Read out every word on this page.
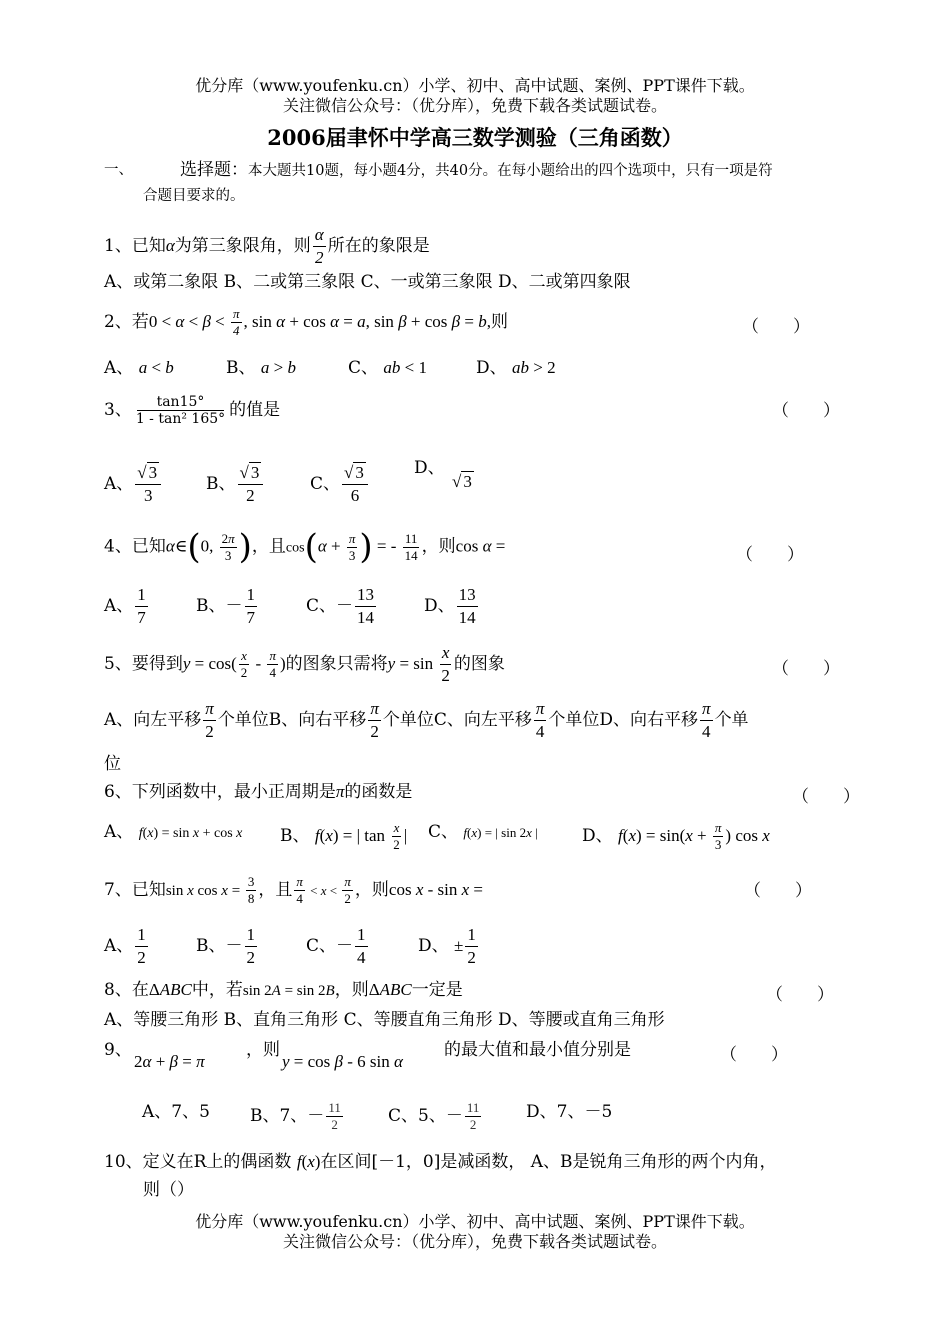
优分库（www.youfenku.cn）小学、初中、高中试题、案例、PPT课件下载。
关注微信公众号：（优分库），免费下载各类试题试卷。
2006届聿怀中学高三数学测验（三角函数）
一、	选择题：本大题共10题，每小题4分，共40分。在每小题给出的四个选项中，只有一项是符
合题目要求的。
1、已知α为第三象限角，则 $\frac{\alpha}{2}$ 所在的象限是
A、或第二象限 B、二或第三象限 C、一或第三象限 D、二或第四象限
2、若$0 < \alpha < \beta < \frac{\pi}{4}$ , sin α + cos α = a, sin β + cos β = b,则	（　　）
A、 a < b	B、 a > b	C、 ab < 1	D、 ab > 2
3、 $\frac{\tan 15^\circ}{\text{1 - tan² 165°}}$ 的值是	（　　）
A、 $\frac{√ 3}{3}$	B、 $\frac{√ 3}{2}$	C、 $\frac{√ 3}{6}$	D、
√ 3
4、已知α∈(0, $\frac{2\pi}{3}$ )，且$\cos(\alpha + \frac{\pi}{3}$ ) = - $\frac{11}{14}$ ，则cos α =	（　　）
A、 $\frac{1}{7}$	B、－ $\frac{1}{7}$	C、－ $\frac{13}{14}$	D、 $\frac{13}{14}$
5、要得到$y = \cos( \frac{x}{2} - \frac{\pi}{4}$ )的图象只需将$y = \sin \frac{x}{2}$ 的图象	（　　）
A、向左平移 $\frac{\pi}{2}$ 个单位B、向右平移 $\frac{\pi}{2}$ 个单位C、向左平移 $\frac{\pi}{4}$ 个单位D、向右平移 $\frac{\pi}{4}$ 个单
位
6、下列函数中，最小正周期是π的函数是	（　　）
A、 f(x) = sin x + cos x B、 f(x) = | $\tan \frac{x}{2}$ | C、 f(x) = | sin 2x |	D、 $f(x) = \sin(x + \frac{\pi}{3}$ ) cos x
7、已知sin x $\cos x = \frac{3}{8}$ ，且 $\frac{\pi}{4} < x < \frac{\pi}{2}$ ，则cos x - sin x =	（　　）
A、 $\frac{1}{2}$	B、－ $\frac{1}{2}$	C、－ $\frac{1}{4}$	D、 ± $\frac{1}{2}$
8、在ΔABC中，若sin 2A = sin 2B，则ΔABC一定是	（　　）
A、等腰三角形 B、直角三角形 C、等腰直角三角形 D、等腰或直角三角形
9、
2α + β = π
，则
y = cos β - 6 sin α
的最大值和最小值分别是	（　　）
A、7、5 B、7、－ $\frac{11}{2}$	C、5、－ $\frac{11}{2}$	D、7、－5
10、定义在R上的偶函数 f(x)在区间[－1，0]是减函数， A、B是锐角三角形的两个内角，
则（）
优分库（www.youfenku.cn）小学、初中、高中试题、案例、PPT课件下载。
关注微信公众号：（优分库），免费下载各类试题试卷。
